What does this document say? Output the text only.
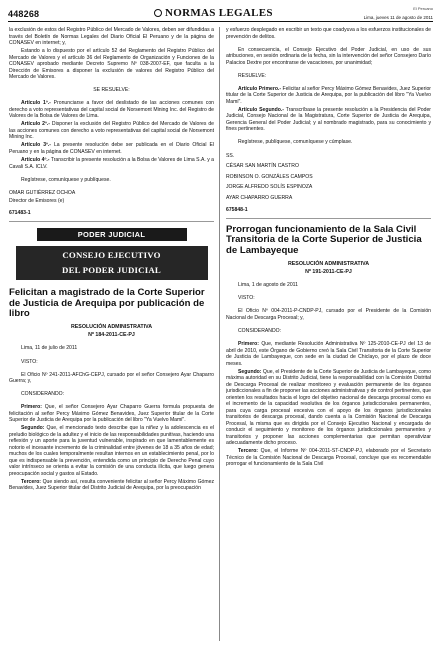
448268	NORMAS LEGALES	El Peruano
Lima, jueves 11 de agosto de 2011

la exclusión de estos del Registro Público del Mercado de Valores, deben ser difundidas a través del Boletín de Normas Legales del Diario Oficial El Peruano y de la página de CONASEV en internet; y,

Estando a lo dispuesto por el artículo 52 del Reglamento del Registro Público del Mercado de Valores y el artículo 36 del Reglamento de Organización y Funciones de la CONASEV aprobado mediante Decreto Supremo Nº 038-2007-EF, que faculta a la Dirección de Emisores a disponer la exclusión de valores del Registro Público del Mercado de Valores.

SE RESUELVE:

Artículo 1º.- Pronunciarse a favor del deslistado de las acciones comunes con derecho a voto representativas del capital social de Norsemont Mining Inc. del Registro de Valores de la Bolsa de Valores de Lima.

Artículo 2º.- Disponer la exclusión del Registro Público del Mercado de Valores de las acciones comunes con derecho a voto representativas del capital social de Norsemont Mining Inc.

Artículo 3º.- La presente resolución debe ser publicada en el Diario Oficial El Peruano y en la página de CONASEV en internet.

Artículo 4º.- Transcribir la presente resolución a la Bolsa de Valores de Lima S.A. y a Cavali S.A. ICLV.

Regístrese, comuníquese y publíquese.

OMAR GUTIÉRREZ OCHOA

Director de Emisores (e)

671483-1

PODER JUDICIAL
CONSEJO EJECUTIVO
DEL PODER JUDICIAL
Felicitan a magistrado de la Corte Superior de Justicia de Arequipa por publicación de libro

RESOLUCIÓN ADMINISTRATIVA

Nº 184-2011-CE-PJ

Lima, 11 de julio de 2011

VISTO:

El Oficio Nº 241-2011-AFChG-CEPJ, cursado por el señor Consejero Ayar Chaparro Guerra; y,

CONSIDERANDO:

Primero: Que, el señor Consejero Ayar Chaparro Guerra formula propuesta de felicitación al señor Percy Máximo Gómez Benavides, Juez Superior titular de la Corte Superior de Justicia de Arequipa por la publicación del libro "Ya Vuelvo Mami".

Segundo: Que, el mencionado texto describe que la niñez y la adolescencia es el preludio biológico de la adultez y el inicio de las responsabilidades punitivas, haciendo una reflexión y un aporte para la juventud vulnerable, inspirado en que lamentablemente es notorio el incesante incremento de la criminalidad entre jóvenes de 18 a 35 años de edad; muchos de los cuales temporalmente resultan internos en un establecimiento penal, por lo que es indispensable la prevención, entendida como un principio de Derecho Penal cuyo valor intrínseco se orienta a evitar la comisión de una conducta ilícita, que luego genera preocupación social y gastos al Estado.

Tercero: Que siendo así, resulta conveniente felicitar al señor Percy Máximo Gómez Benavides, Juez Superior titular del Distrito Judicial de Arequipa, por la preocupación

y esfuerzo desplegado en escribir un texto que coadyuva a los esfuerzos institucionales de prevención de delitos.

En consecuencia, el Consejo Ejecutivo del Poder Judicial, en uso de sus atribuciones, en sesión ordinaria de la fecha, sin la intervención del señor Consejero Darío Palacios Dextre por encontrarse de vacaciones, por unanimidad;

RESUELVE:

Artículo Primero.- Felicitar al señor Percy Máximo Gómez Benavides, Juez Superior titular de la Corte Superior de Justicia de Arequipa, por la publicación del libro "Ya Vuelvo Mami".

Artículo Segundo.- Transcríbase la presente resolución a la Presidencia del Poder Judicial, Consejo Nacional de la Magistratura, Corte Superior de Justicia de Arequipa, Gerencia General del Poder Judicial; y al nombrado magistrado, para su conocimiento y fines pertinentes.

Regístrese, publíquese, comuníquese y cúmplase.

SS.

CÉSAR SAN MARTÍN CASTRO

ROBINSON O. GONZÁLES CAMPOS

JORGE ALFREDO SOLÍS ESPINOZA

AYAR CHAPARRO GUERRA

675848-1

Prorrogan funcionamiento de la Sala Civil Transitoria de la Corte Superior de Justicia de Lambayeque

RESOLUCIÓN ADMINISTRATIVA

Nº 191-2011-CE-PJ

Lima, 1 de agosto de 2011

VISTO:

El Oficio Nº 004-2011-P-CNDP-PJ, cursado por el Presidente de la Comisión Nacional de Descarga Procesal; y,

CONSIDERANDO:

Primero: Que, mediante Resolución Administrativa Nº 125-2010-CE-PJ del 13 de abril de 2010, este Órgano de Gobierno creó la Sala Civil Transitoria de la Corte Superior de Justicia de Lambayeque, con sede en la ciudad de Chiclayo, por el plazo de doce meses.

Segundo: Que, el Presidente de la Corte Superior de Justicia de Lambayeque, como máxima autoridad en su Distrito Judicial, tiene la responsabilidad con la Comisión Distrital de Descarga Procesal de realizar monitoreo y evaluación permanente de los órganos jurisdiccionales a fin de proponer las acciones administrativas y de control pertinentes, que orienten los resultados hacia el logro del objetivo nacional de descarga procesal como es el incremento de la capacidad resolutiva de los órganos jurisdiccionales permanentes, para cuya carga procesal excesiva con el apoyo de los órganos jurisdiccionales transitorios de descarga procesal, dando cuenta a la Comisión Nacional de Descarga Procesal, la misma que es dirigida por el Consejo Ejecutivo Nacional y encargada de conducir el seguimiento y monitoreo de los órganos jurisdiccionales permanentes y transitorios y proponer las acciones complementarias que permitan operativizar adecuadamente dicho proceso.

Tercero: Que, el Informe Nº 004-2011-ST-CNDP-PJ, elaborado por el Secretario Técnico de la Comisión Nacional de Descarga Procesal, concluye que es recomendable prorrogar el funcionamiento de la Sala Civil
